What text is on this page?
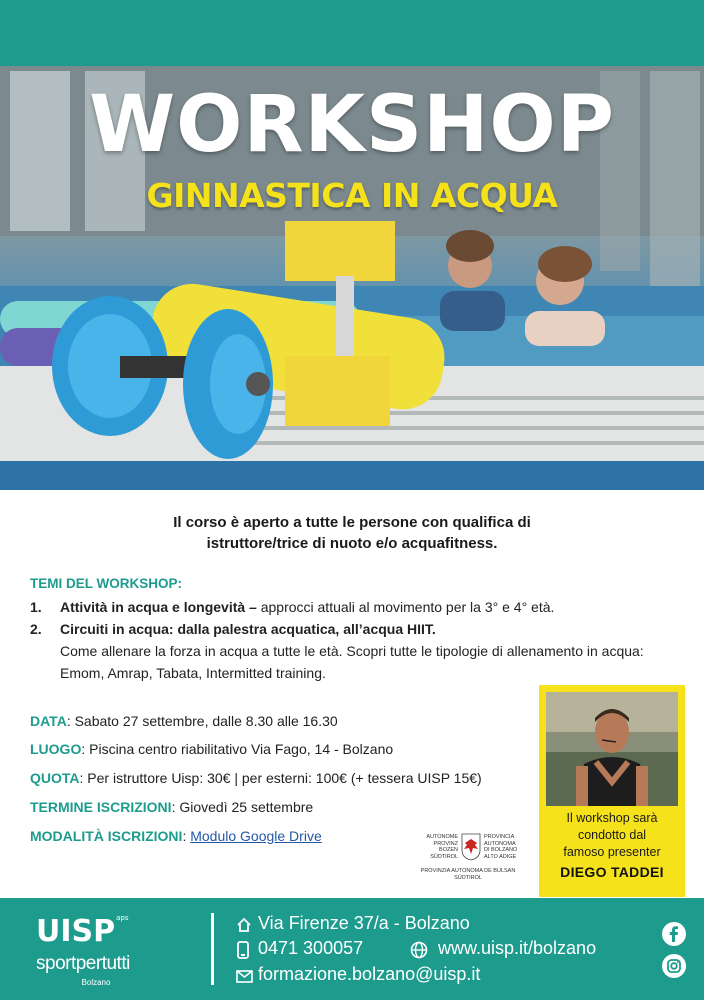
WORKSHOP
GINNASTICA IN ACQUA
Il corso è aperto a tutte le persone con qualifica di
istruttore/trice di nuoto e/o acquafitness.
TEMI DEL WORKSHOP:
1. Attività in acqua e longevità – approcci attuali al movimento per la 3° e 4° età.
2. Circuiti in acqua: dalla palestra acquatica, all’acqua HIIT.
Come allenare la forza in acqua a tutte le età. Scopri tutte le tipologie di allenamento in acqua: Emom, Amrap, Tabata, Intermitted training.
DATA: Sabato 27 settembre, dalle 8.30 alle 16.30
LUOGO: Piscina centro riabilitativo Via Fago, 14 - Bolzano
QUOTA: Per istruttore Uisp: 30€ | per esterni: 100€ (+ tessera UISP 15€)
TERMINE ISCRIZIONI: Giovedì 25 settembre
MODALITÀ ISCRIZIONI: Modulo Google Drive
Il workshop sarà
condotto dal
famoso presenter
DIEGO TADDEI
AUTONOME
PROVINZ
BOZEN
SÜDTIROL
PROVINCIA
AUTONOMA
DI BOLZANO
ALTO ADIGE
PROVINZIA AUTONOMA DE BULSAN
SÜDTIROL
$UISP^{aps}$
sportpertutti
Bolzano
Via Firenze 37/a - Bolzano
0471 300057	www.uisp.it/bolzano
formazione.bolzano@uisp.it
